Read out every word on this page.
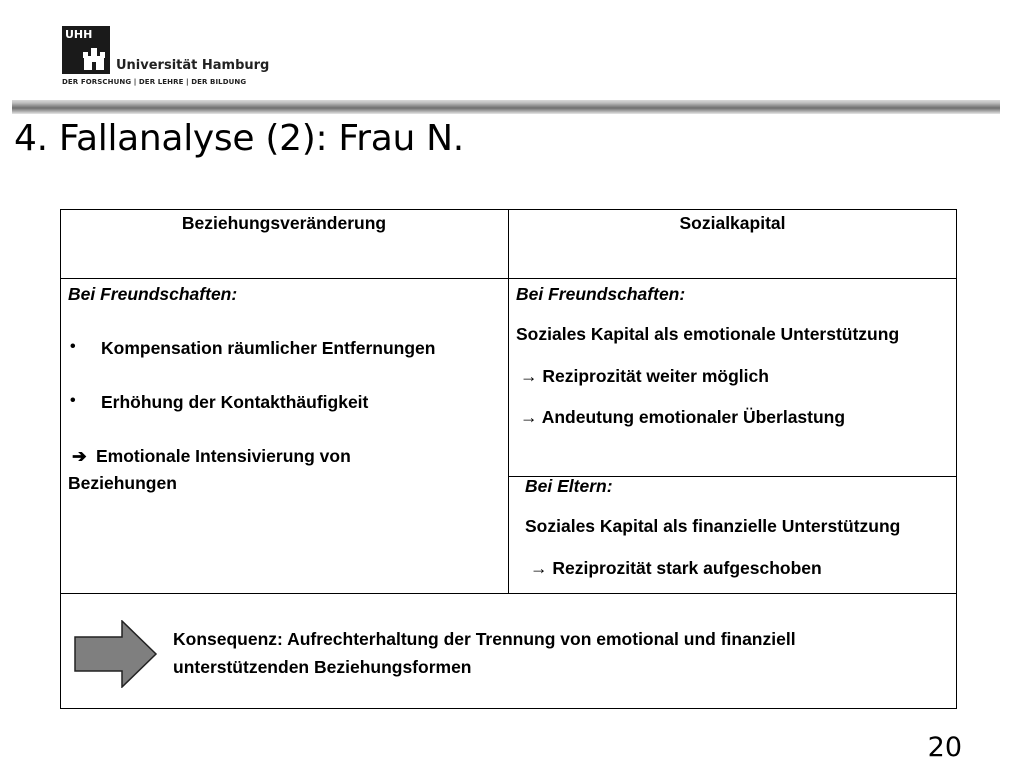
UHH
Universität Hamburg
DER FORSCHUNG | DER LEHRE | DER BILDUNG
4. Fallanalyse (2): Frau N.
Beziehungsveränderung	Sozialkapital
Bei Freundschaften:
• Kompensation räumlicher Entfernungen
• Erhöhung der Kontakthäufigkeit
➔ Emotionale Intensivierung von
Beziehungen
Bei Freundschaften:
Soziales Kapital als emotionale Unterstützung
→ Reziprozität weiter möglich
→ Andeutung emotionaler Überlastung
Bei Eltern:
Soziales Kapital als finanzielle Unterstützung
→ Reziprozität stark aufgeschoben
Konsequenz: Aufrechterhaltung der Trennung von emotional und finanziell
unterstützenden Beziehungsformen
20
